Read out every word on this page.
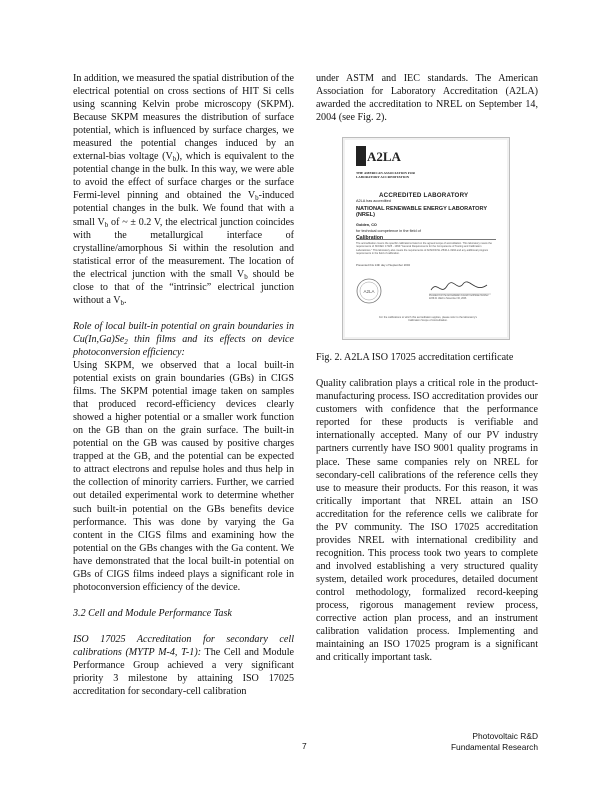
In addition, we measured the spatial distribution of the electrical potential on cross sections of HIT Si cells using scanning Kelvin probe microscopy (SKPM). Because SKPM measures the distribution of surface potential, which is influenced by surface charges, we measured the potential changes induced by an external-bias voltage $(V_b)$, which is equivalent to the potential change in the bulk. In this way, we were able to avoid the effect of surface charges or the surface Fermi-level pinning and obtained the $V_b$-induced potential changes in the bulk. We found that with a small $V_b$ of ~ ± 0.2 V, the electrical junction coincides with the metallurgical interface of crystalline/amorphous Si within the resolution and statistical error of the measurement. The location of the electrical junction with the small $V_b$ should be close to that of the “intrinsic” electrical junction without a $V_b$.

Role of local built-in potential on grain boundaries in $Cu(In,Ga)Se_2$ thin films and its effects on device photoconversion efficiency:

Using SKPM, we observed that a local built-in potential exists on grain boundaries (GBs) in CIGS films. The SKPM potential image taken on samples that produced record-efficiency devices clearly showed a higher potential or a smaller work function on the GB than on the grain surface. The built-in potential on the GB was caused by positive charges trapped at the GB, and the potential can be expected to attract electrons and repulse holes and thus help in the collection of minority carriers. Further, we carried out detailed experimental work to determine whether such built-in potential on the GBs benefits device performance. This was done by varying the Ga content in the CIGS films and examining how the potential on the GBs changes with the Ga content. We have demonstrated that the local built-in potential on GBs of CIGS films indeed plays a significant role in photoconversion efficiency of the device.

3.2 Cell and Module Performance Task

ISO 17025 Accreditation for secondary cell calibrations (MYTP M-4, T-1): The Cell and Module Performance Group achieved a very significant priority 3 milestone by attaining ISO 17025 accreditation for secondary-cell calibration

under ASTM and IEC standards. The American Association for Laboratory Accreditation (A2LA) awarded the accreditation to NREL on September 14, 2004 (see Fig. 2).

A2LA
THE AMERICAN ASSOCIATION FOR LABORATORY ACCREDITATION
ACCREDITED LABORATORY
A2LA has accredited
NATIONAL RENEWABLE ENERGY LABORATORY (NREL)
Golden, CO
for technical competence in the field of
Calibration
The accreditation covers the specific calibrations listed on the agreed scope of accreditation. This laboratory meets the requirements of ISO/IEC 17025 - 1999 "General Requirements for the Competence of Testing and Calibration Laboratories." This laboratory also meets the requirements of ANSI/NCSL Z540-1-1994 and any additional program requirements in the field of calibration.
Presented this 14th day of September 2004
A2LA
President For the Accreditation Council Certificate Number 2236.01 Valid to November 30, 2006
For the calibrations to which this accreditation applies, please refer to the laboratory's Calibration Scope of Accreditation.

Fig. 2. A2LA ISO 17025 accreditation certificate

Quality calibration plays a critical role in the product-manufacturing process. ISO accreditation provides our customers with confidence that the performance reported for these products is verifiable and internationally accepted. Many of our PV industry partners currently have ISO 9001 quality programs in place. These same companies rely on NREL for secondary-cell calibrations of the reference cells they use to measure their products. For this reason, it was critically important that NREL attain an ISO accreditation for the reference cells we calibrate for the PV community. The ISO 17025 accreditation provides NREL with international credibility and recognition. This process took two years to complete and involved establishing a very structured quality system, detailed work procedures, detailed document control methodology, formalized record-keeping process, rigorous management review process, corrective action plan process, and an instrument calibration validation process. Implementing and maintaining an ISO 17025 program is a significant and critically important task.

Photovoltaic R&D
Fundamental Research
7
